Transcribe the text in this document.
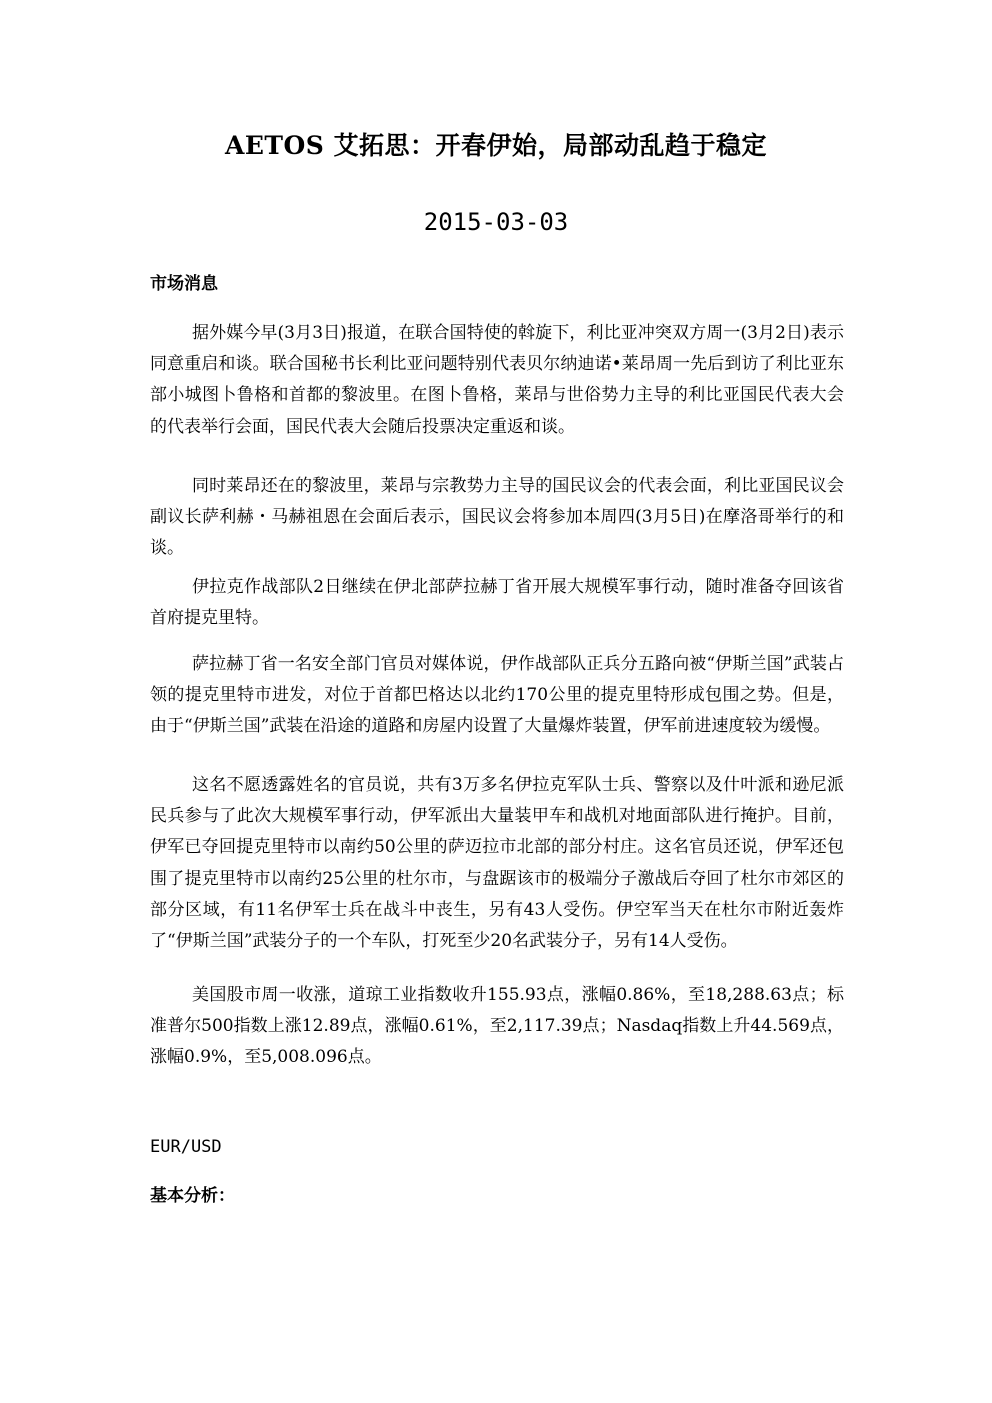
AETOS 艾拓思：开春伊始，局部动乱趋于稳定
2015-03-03
市场消息

据外媒今早(3月3日)报道，在联合国特使的斡旋下，利比亚冲突双方周一(3月2日)表示同意重启和谈。联合国秘书长利比亚问题特别代表贝尔纳迪诺•莱昂周一先后到访了利比亚东部小城图卜鲁格和首都的黎波里。在图卜鲁格，莱昂与世俗势力主导的利比亚国民代表大会的代表举行会面，国民代表大会随后投票决定重返和谈。

同时莱昂还在的黎波里，莱昂与宗教势力主导的国民议会的代表会面，利比亚国民议会副议长萨利赫・马赫祖恩在会面后表示，国民议会将参加本周四(3月5日)在摩洛哥举行的和谈。

伊拉克作战部队2日继续在伊北部萨拉赫丁省开展大规模军事行动，随时准备夺回该省首府提克里特。

萨拉赫丁省一名安全部门官员对媒体说，伊作战部队正兵分五路向被“伊斯兰国”武装占领的提克里特市进发，对位于首都巴格达以北约170公里的提克里特形成包围之势。但是，由于“伊斯兰国”武装在沿途的道路和房屋内设置了大量爆炸装置，伊军前进速度较为缓慢。

这名不愿透露姓名的官员说，共有3万多名伊拉克军队士兵、警察以及什叶派和逊尼派民兵参与了此次大规模军事行动，伊军派出大量装甲车和战机对地面部队进行掩护。目前，伊军已夺回提克里特市以南约50公里的萨迈拉市北部的部分村庄。这名官员还说，伊军还包围了提克里特市以南约25公里的杜尔市，与盘踞该市的极端分子激战后夺回了杜尔市郊区的部分区域，有11名伊军士兵在战斗中丧生，另有43人受伤。伊空军当天在杜尔市附近轰炸了“伊斯兰国”武装分子的一个车队，打死至少20名武装分子，另有14人受伤。

美国股市周一收涨，道琼工业指数收升155.93点，涨幅0.86%，至18,288.63点；标准普尔500指数上涨12.89点，涨幅0.61%，至2,117.39点；Nasdaq指数上升44.569点，涨幅0.9%，至5,008.096点。

EUR/USD
基本分析：
